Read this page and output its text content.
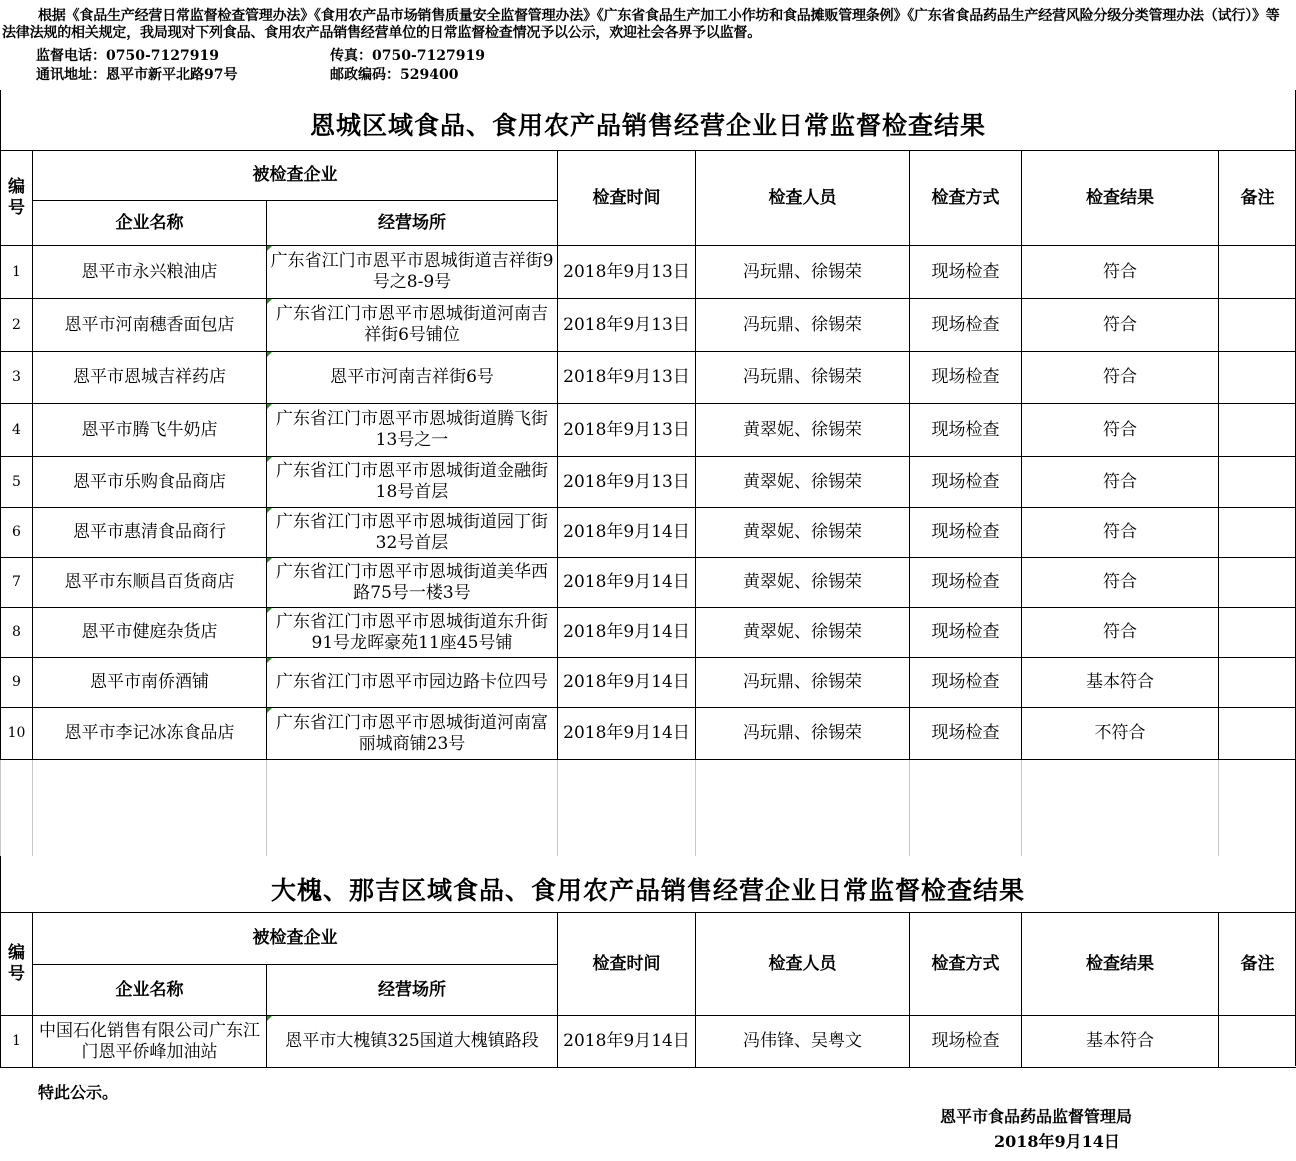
根据《食品生产经营日常监督检查管理办法》《食用农产品市场销售质量安全监督管理办法》《广东省食品生产加工小作坊和食品摊贩管理条例》《广东省食品药品生产经营风险分级分类管理办法（试行）》等法律法规的相关规定，我局现对下列食品、食用农产品销售经营单位的日常监督检查情况予以公示，欢迎社会各界予以监督。
监督电话：0750-7127919	传真：0750-7127919
通讯地址：恩平市新平北路97号	邮政编码：529400
恩城区域食品、食用农产品销售经营企业日常监督检查结果
编号	被检查企业		检查时间	检查人员	检查方式	检查结果	备注
	企业名称	经营场所					
1	恩平市永兴粮油店	广东省江门市恩平市恩城街道吉祥街9号之8-9号	2018年9月13日	冯玩鼎、徐锡荣	现场检查	符合	
2	恩平市河南穗香面包店	广东省江门市恩平市恩城街道河南吉祥街6号铺位	2018年9月13日	冯玩鼎、徐锡荣	现场检查	符合	
3	恩平市恩城吉祥药店	恩平市河南吉祥街6号	2018年9月13日	冯玩鼎、徐锡荣	现场检查	符合	
4	恩平市腾飞牛奶店	广东省江门市恩平市恩城街道腾飞街13号之一	2018年9月13日	黄翠妮、徐锡荣	现场检查	符合	
5	恩平市乐购食品商店	广东省江门市恩平市恩城街道金融街18号首层	2018年9月13日	黄翠妮、徐锡荣	现场检查	符合	
6	恩平市惠清食品商行	广东省江门市恩平市恩城街道园丁街32号首层	2018年9月14日	黄翠妮、徐锡荣	现场检查	符合	
7	恩平市东顺昌百货商店	广东省江门市恩平市恩城街道美华西路75号一楼3号	2018年9月14日	黄翠妮、徐锡荣	现场检查	符合	
8	恩平市健庭杂货店	广东省江门市恩平市恩城街道东升街91号龙晖豪苑11座45号铺	2018年9月14日	黄翠妮、徐锡荣	现场检查	符合	
9	恩平市南侨酒铺	广东省江门市恩平市园边路卡位四号	2018年9月14日	冯玩鼎、徐锡荣	现场检查	基本符合	
10	恩平市李记冰冻食品店	广东省江门市恩平市恩城街道河南富丽城商铺23号	2018年9月14日	冯玩鼎、徐锡荣	现场检查	不符合	

大槐、那吉区域食品、食用农产品销售经营企业日常监督检查结果
编号	被检查企业		检查时间	检查人员	检查方式	检查结果	备注
	企业名称	经营场所					
1	中国石化销售有限公司广东江门恩平侨峰加油站	恩平市大槐镇325国道大槐镇路段	2018年9月14日	冯伟锋、吴粤文	现场检查	基本符合	
特此公示。
恩平市食品药品监督管理局
2018年9月14日
